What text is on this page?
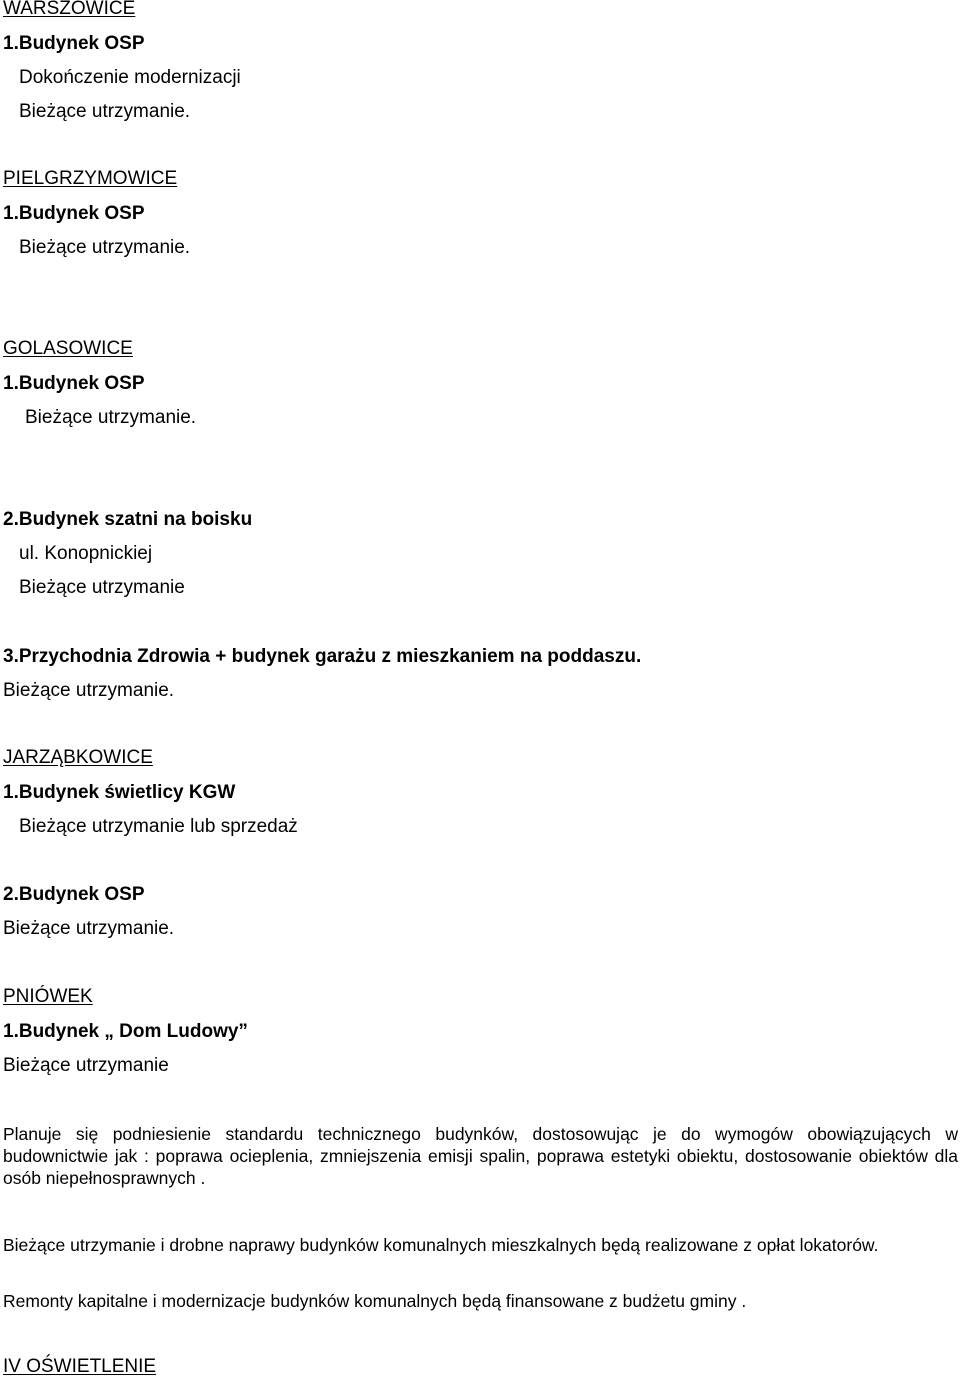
WARSZOWICE
1.Budynek OSP
Dokończenie modernizacji
Bieżące utrzymanie.
PIELGRZYMOWICE
1.Budynek OSP
Bieżące utrzymanie.
GOLASOWICE
1.Budynek OSP
Bieżące utrzymanie.
2.Budynek szatni na boisku
ul. Konopnickiej
Bieżące utrzymanie
3.Przychodnia Zdrowia + budynek garażu z mieszkaniem na poddaszu.
Bieżące utrzymanie.
JARZĄBKOWICE
1.Budynek świetlicy KGW
Bieżące utrzymanie lub sprzedaż
2.Budynek OSP
Bieżące utrzymanie.
PNIÓWEK
1.Budynek „ Dom Ludowy”
Bieżące utrzymanie
Planuje się podniesienie standardu technicznego budynków, dostosowując je do wymogów obowiązujących w budownictwie jak : poprawa ocieplenia, zmniejszenia emisji spalin, poprawa estetyki obiektu, dostosowanie obiektów dla osób niepełnosprawnych .
Bieżące utrzymanie i drobne naprawy budynków komunalnych mieszkalnych będą realizowane z opłat lokatorów.
Remonty kapitalne i modernizacje budynków komunalnych będą finansowane z budżetu gminy .
IV OŚWIETLENIE
